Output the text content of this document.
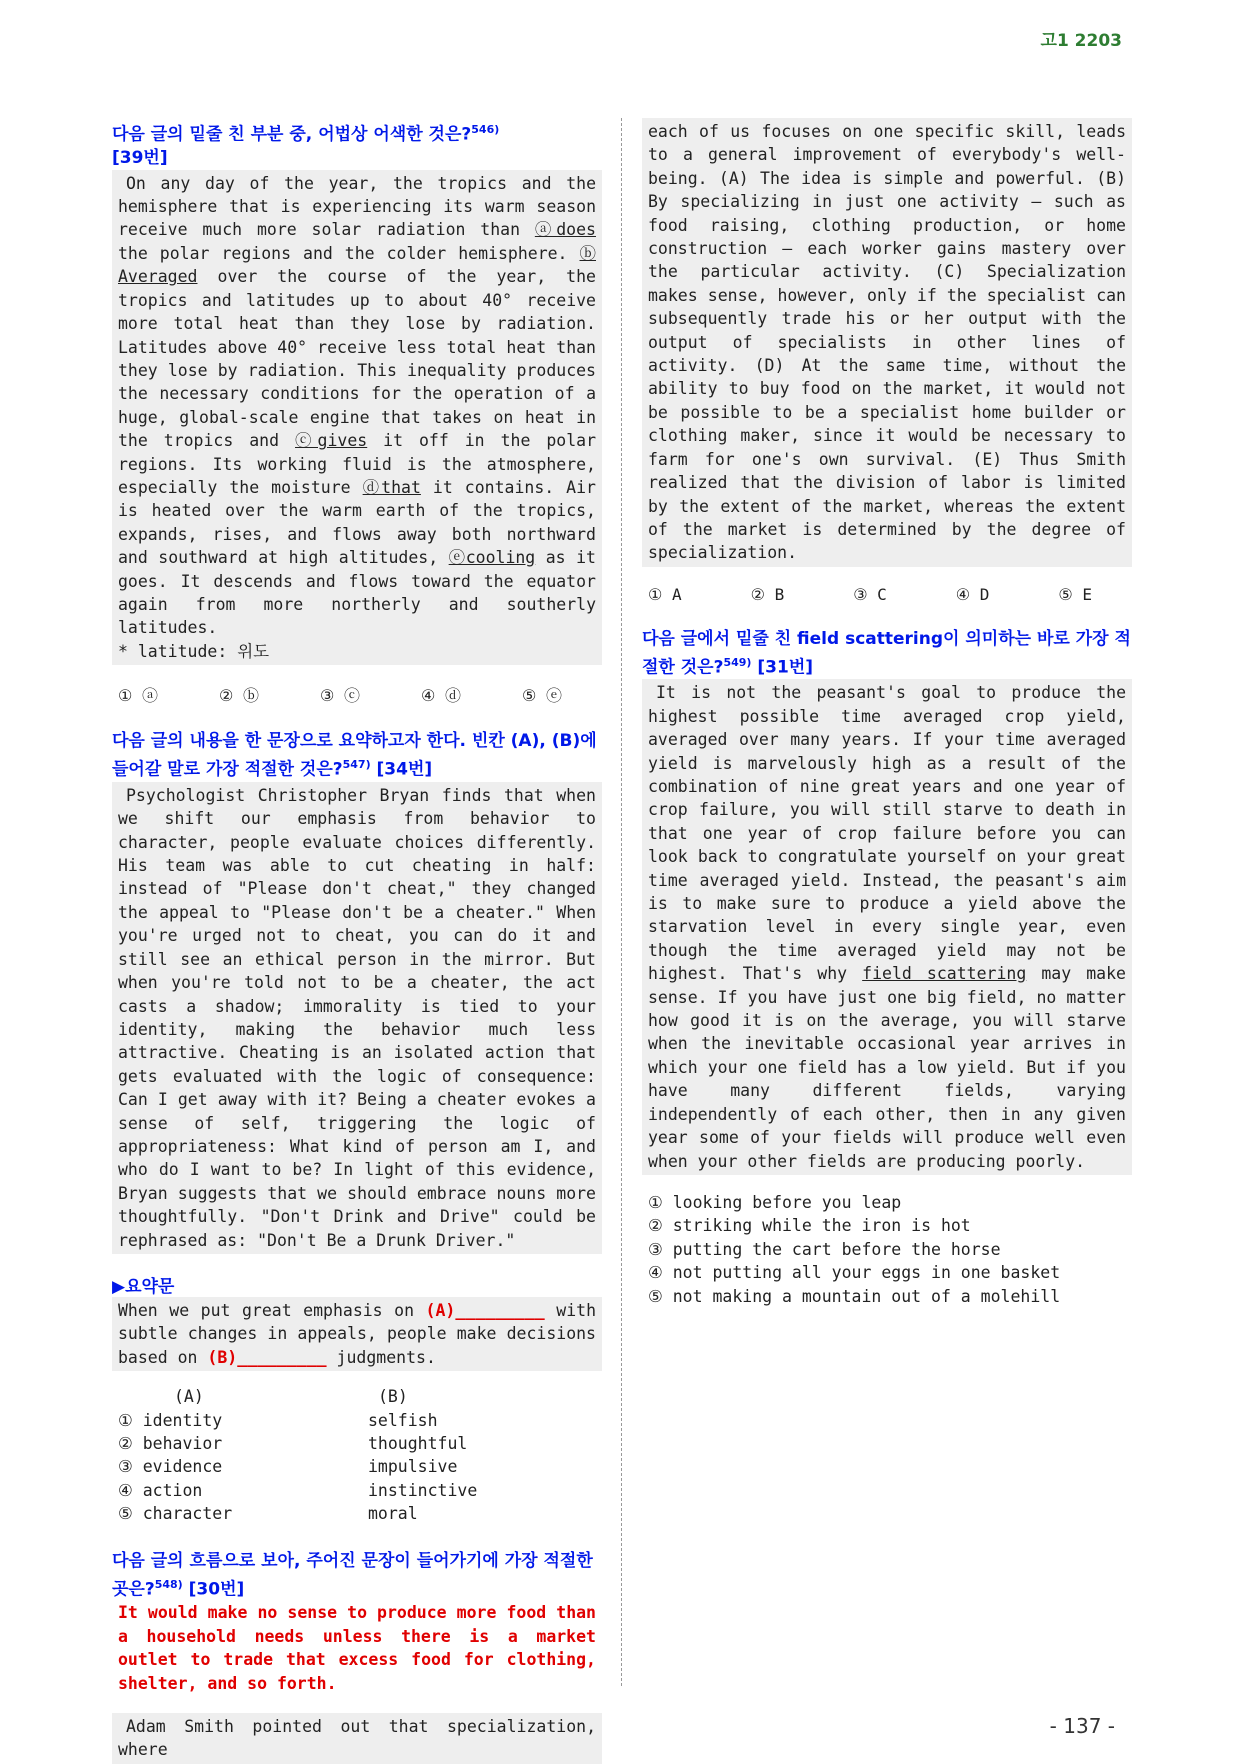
고1 2203

다음 글의 밑줄 친 부분 중, 어법상 어색한 것은?$^{546)}$
[39번]

On any day of the year, the tropics and the hemisphere that is experiencing its warm season receive much more solar radiation than ⓐdoes the polar regions and the colder hemisphere. ⓑ Averaged over the course of the year, the tropics and latitudes up to about 40° receive more total heat than they lose by radiation. Latitudes above 40° receive less total heat than they lose by radiation. This inequality produces the necessary conditions for the operation of a huge, global-scale engine that takes on heat in the tropics and ⓒgives it off in the polar regions. Its working fluid is the atmosphere, especially the moisture ⓓthat it contains. Air is heated over the warm earth of the tropics, expands, rises, and flows away both northward and southward at high altitudes, ⓔcooling as it goes. It descends and flows toward the equator again from more northerly and southerly latitudes.

* latitude: 위도
① ⓐ	② ⓑ	③ ⓒ	④ ⓓ	⑤ ⓔ

다음 글의 내용을 한 문장으로 요약하고자 한다. 빈칸 (A), (B)에 들어갈 말로 가장 적절한 것은?$^{547)}$ [34번]

Psychologist Christopher Bryan finds that when we shift our emphasis from behavior to character, people evaluate choices differently. His team was able to cut cheating in half: instead of "Please don't cheat," they changed the appeal to "Please don't be a cheater." When you're urged not to cheat, you can do it and still see an ethical person in the mirror. But when you're told not to be a cheater, the act casts a shadow; immorality is tied to your identity, making the behavior much less attractive. Cheating is an isolated action that gets evaluated with the logic of consequence: Can I get away with it? Being a cheater evokes a sense of self, triggering the logic of appropriateness: What kind of person am I, and who do I want to be? In light of this evidence, Bryan suggests that we should embrace nouns more thoughtfully. "Don't Drink and Drive" could be rephrased as: "Don't Be a Drunk Driver."

▶요약문

When we put great emphasis on (A)_________ with subtle changes in appeals, people make decisions based on (B)_________ judgments.
(A)	(B)
① identity	selfish
② behavior	thoughtful
③ evidence	impulsive
④ action	instinctive
⑤ character	moral

다음 글의 흐름으로 보아, 주어진 문장이 들어가기에 가장 적절한 곳은?$^{548)}$ [30번]

It would make no sense to produce more food than a household needs unless there is a market outlet to trade that excess food for clothing, shelter, and so forth.

Adam Smith pointed out that specialization, where

each of us focuses on one specific skill, leads to a general improvement of everybody's well-being. (A) The idea is simple and powerful. (B) By specializing in just one activity — such as food raising, clothing production, or home construction — each worker gains mastery over the particular activity. (C) Specialization makes sense, however, only if the specialist can subsequently trade his or her output with the output of specialists in other lines of activity. (D) At the same time, without the ability to buy food on the market, it would not be possible to be a specialist home builder or clothing maker, since it would be necessary to farm for one's own survival. (E) Thus Smith realized that the division of labor is limited by the extent of the market, whereas the extent of the market is determined by the degree of specialization.

① A	② B	③ C	④ D	⑤ E

다음 글에서 밑줄 친 field scattering이 의미하는 바로 가장 적절한 것은?$^{549)}$ [31번]

It is not the peasant's goal to produce the highest possible time averaged crop yield, averaged over many years. If your time averaged yield is marvelously high as a result of the combination of nine great years and one year of crop failure, you will still starve to death in that one year of crop failure before you can look back to congratulate yourself on your great time averaged yield. Instead, the peasant's aim is to make sure to produce a yield above the starvation level in every single year, even though the time averaged yield may not be highest. That's why field scattering may make sense. If you have just one big field, no matter how good it is on the average, you will starve when the inevitable occasional year arrives in which your one field has a low yield. But if you have many different fields, varying independently of each other, then in any given year some of your fields will produce well even when your other fields are producing poorly.

① looking before you leap
② striking while the iron is hot
③ putting the cart before the horse
④ not putting all your eggs in one basket
⑤ not making a mountain out of a molehill
- 137 -
